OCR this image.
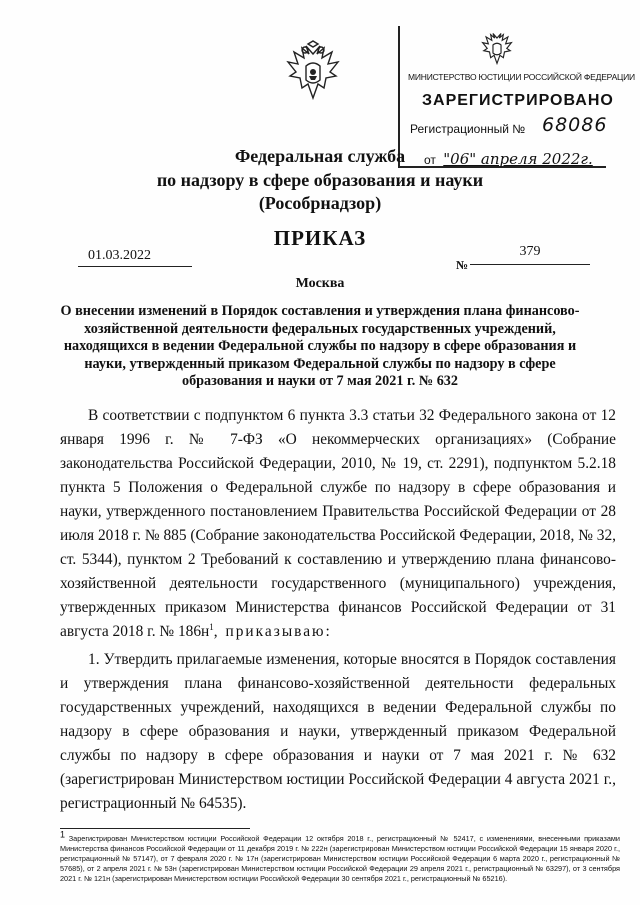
МИНИСТЕРСТВО ЮСТИЦИИ РОССИЙСКОЙ ФЕДЕРАЦИИ
ЗАРЕГИСТРИРОВАНО
Регистрационный № 68086
от "06" апреля 2022г.
Федеральная служба
по надзору в сфере образования и науки
(Рособрнадзор)
ПРИКАЗ
01.03.2022
№
379
Москва
О внесении изменений в Порядок составления и утверждения плана финансово-хозяйственной деятельности федеральных государственных учреждений, находящихся в ведении Федеральной службы по надзору в сфере образования и науки, утвержденный приказом Федеральной службы по надзору в сфере образования и науки от 7 мая 2021 г. № 632

В соответствии с подпунктом 6 пункта 3.3 статьи 32 Федерального закона от 12 января 1996 г. № 7-ФЗ «О некоммерческих организациях» (Собрание законодательства Российской Федерации, 2010, № 19, ст. 2291), подпунктом 5.2.18 пункта 5 Положения о Федеральной службе по надзору в сфере образования и науки, утвержденного постановлением Правительства Российской Федерации от 28 июля 2018 г. № 885 (Собрание законодательства Российской Федерации, 2018, № 32, ст. 5344), пунктом 2 Требований к составлению и утверждению плана финансово-хозяйственной деятельности государственного (муниципального) учреждения, утвержденных приказом Министерства финансов Российской Федерации от 31 августа 2018 г. № $186н^1$, приказываю:

1. Утвердить прилагаемые изменения, которые вносятся в Порядок составления и утверждения плана финансово-хозяйственной деятельности федеральных государственных учреждений, находящихся в ведении Федеральной службы по надзору в сфере образования и науки, утвержденный приказом Федеральной службы по надзору в сфере образования и науки от 7 мая 2021 г. № 632 (зарегистрирован Министерством юстиции Российской Федерации 4 августа 2021 г., регистрационный № 64535).

$^1$ Зарегистрирован Министерством юстиции Российской Федерации 12 октября 2018 г., регистрационный № 52417, с изменениями, внесенными приказами Министерства финансов Российской Федерации от 11 декабря 2019 г. № 222н (зарегистрирован Министерством юстиции Российской Федерации 15 января 2020 г., регистрационный № 57147), от 7 февраля 2020 г. № 17н (зарегистрирован Министерством юстиции Российской Федерации 6 марта 2020 г., регистрационный № 57685), от 2 апреля 2021 г. № 53н (зарегистрирован Министерством юстиции Российской Федерации 29 апреля 2021 г., регистрационный № 63297), от 3 сентября 2021 г. № 121н (зарегистрирован Министерством юстиции Российской Федерации 30 сентября 2021 г., регистрационный № 65216).
